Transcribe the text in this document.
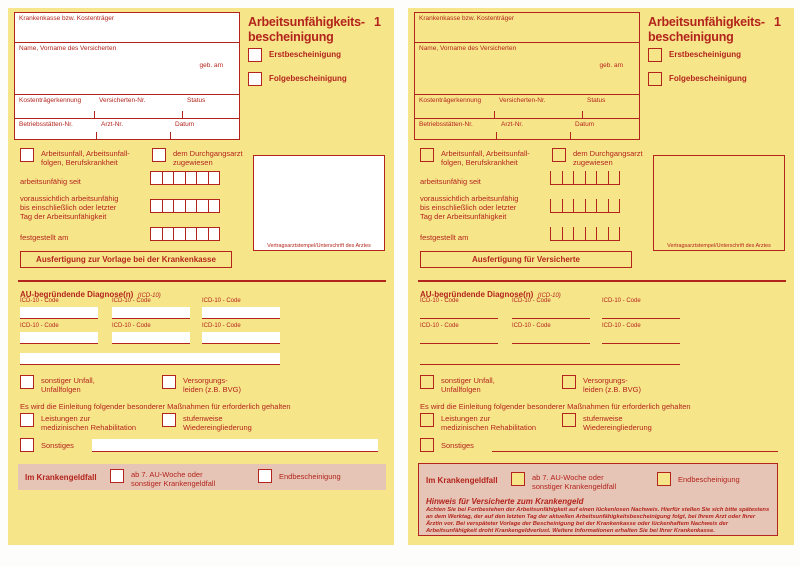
Krankenkasse bzw. Kostenträger
Name, Vorname des Versicherten
geb. am
Kostenträgerkennung	Versicherten-Nr.	Status
Betriebsstätten-Nr.	Arzt-Nr.	Datum
Arbeitsunfähigkeits-
bescheinigung
1
Erstbescheinigung
Folgebescheinigung
Arbeitsunfall, Arbeitsunfall-
folgen, Berufskrankheit
dem Durchgangsarzt
zugewiesen
arbeitsunfähig seit
voraussichtlich arbeitsunfähig
bis einschließlich oder letzter
Tag der Arbeitsunfähigkeit
festgestellt am
Vertragsarztstempel/Unterschrift des Arztes
Ausfertigung zur Vorlage bei der Krankenkasse
AU-begründende Diagnose(n) (ICD-10)
ICD-10 - Code	ICD-10 - Code	ICD-10 - Code
ICD-10 - Code	ICD-10 - Code	ICD-10 - Code
sonstiger Unfall,
Unfallfolgen
Versorgungs-
leiden (z.B. BVG)
Es wird die Einleitung folgender besonderer Maßnahmen für erforderlich gehalten
Leistungen zur
medizinischen Rehabilitation
stufenweise
Wiedereingliederung
Sonstiges
Im Krankengeldfall	ab 7. AU-Woche oder
sonstiger Krankengeldfall
Endbescheinigung
Krankenkasse bzw. Kostenträger
Name, Vorname des Versicherten
geb. am
Kostenträgerkennung	Versicherten-Nr.	Status
Betriebsstätten-Nr.	Arzt-Nr.	Datum
Arbeitsunfähigkeits-
bescheinigung
1
Erstbescheinigung
Folgebescheinigung
Arbeitsunfall, Arbeitsunfall-
folgen, Berufskrankheit
dem Durchgangsarzt
zugewiesen
arbeitsunfähig seit
voraussichtlich arbeitsunfähig
bis einschließlich oder letzter
Tag der Arbeitsunfähigkeit
festgestellt am
Vertragsarztstempel/Unterschrift des Arztes
Ausfertigung für Versicherte
AU-begründende Diagnose(n) (ICD-10)
ICD-10 - Code	ICD-10 - Code	ICD-10 - Code
ICD-10 - Code	ICD-10 - Code	ICD-10 - Code
sonstiger Unfall,
Unfallfolgen
Versorgungs-
leiden (z.B. BVG)
Es wird die Einleitung folgender besonderer Maßnahmen für erforderlich gehalten
Leistungen zur
medizinischen Rehabilitation
stufenweise
Wiedereingliederung
Sonstiges
Im Krankengeldfall	ab 7. AU-Woche oder
sonstiger Krankengeldfall
Endbescheinigung
Hinweis für Versicherte zum Krankengeld
Achten Sie bei Fortbestehen der Arbeitsunfähigkeit auf einen lückenlosen Nachweis. Hierfür stellen Sie sich bitte spätestens an dem Werktag, der auf den letzten Tag der aktuellen Arbeitsunfähigkeitsbescheinigung folgt, bei Ihrem Arzt oder Ihrer Ärztin vor. Bei verspäteter Vorlage der Bescheinigung bei der Krankenkasse oder lückenhaftem Nachweis der Arbeitsunfähigkeit droht Krankengeldverlust. Weitere Informationen erhalten Sie bei Ihrer Krankenkasse.
